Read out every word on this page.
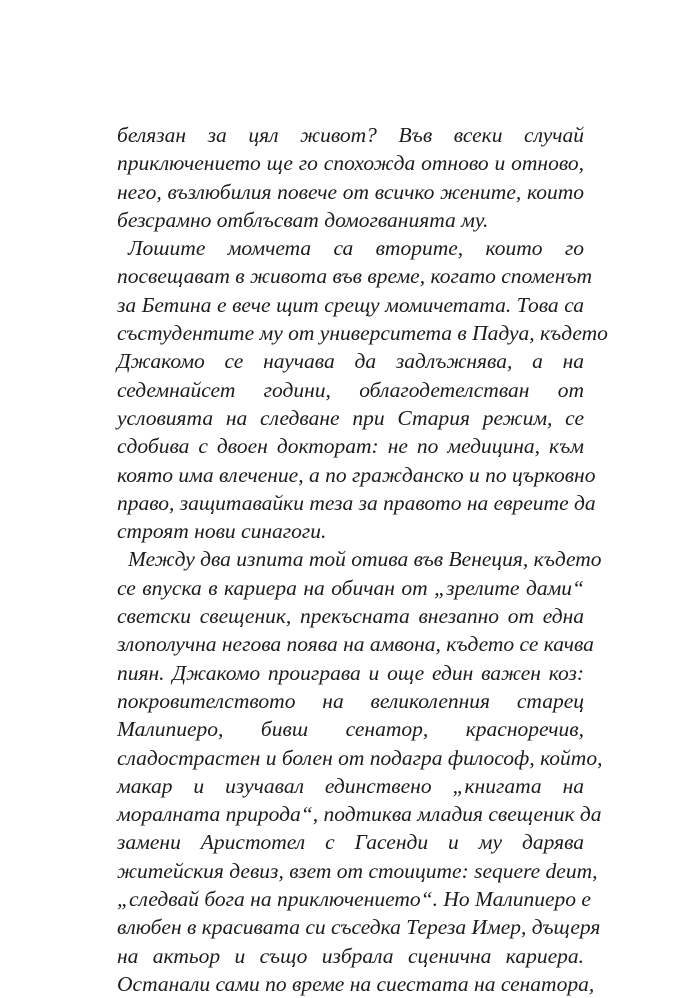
белязан за цял живот? Във всеки случай
приключението ще го спохожда отново и отново,
него, възлюбилия повече от всичко жените, които
безсрамно отблъсват домогванията му.
Лошите момчета са вторите, които го
посвещават в живота във време, когато споменът
за Бетина е вече щит срещу момичетата. Това са
състудентите му от университета в Падуа, където
Джакомо се научава да задлъжнява, а на
седемнайсет години, облагодетелстван от
условията на следване при Стария режим, се
сдобива с двоен докторат: не по медицина, към
която има влечение, а по гражданско и по църковно
право, защитавайки теза за правото на евреите да
строят нови синагоги.
Между два изпита той отива във Венеция, където
се впуска в кариера на обичан от „зрелите дами“
светски свещеник, прекъсната внезапно от една
злополучна негова поява на амвона, където се качва
пиян. Джакомо проиграва и още един важен коз:
покровителството на великолепния старец
Малипиеро, бивш сенатор, красноречив,
сладострастен и болен от подагра философ, който,
макар и изучавал единствено „книгата на
моралната природа“, подтиква младия свещеник да
замени Аристотел с Гасенди и му дарява
житейския девиз, взет от стоиците: sequere deum,
„следвай бога на приключението“. Но Малипиеро е
влюбен в красивата си съседка Тереза Имер, дъщеря
на актьор и също избрала сценична кариера.
Останали сами по време на сиестата на сенатора,
